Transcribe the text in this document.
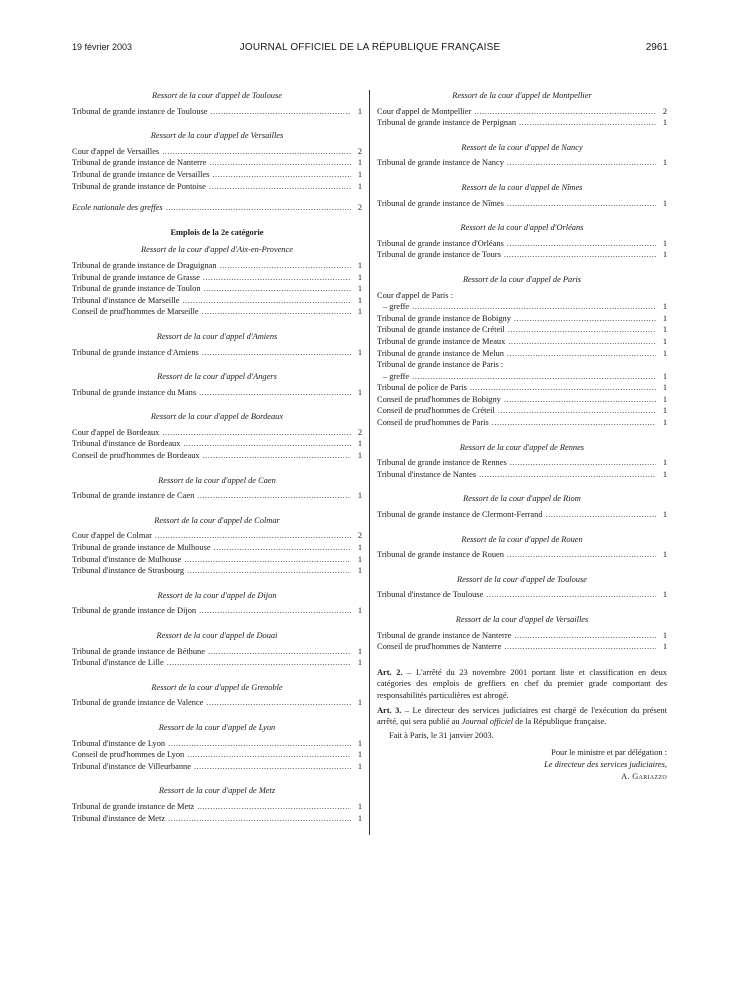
19 février 2003	JOURNAL OFFICIEL DE LA RÉPUBLIQUE FRANÇAISE	2961
Ressort de la cour d'appel de Toulouse
Tribunal de grande instance de Toulouse .....	1
Ressort de la cour d'appel de Versailles
Cour d'appel de Versailles .....	2
Tribunal de grande instance de Nanterre .....	1
Tribunal de grande instance de Versailles .....	1
Tribunal de grande instance de Pontoise .....	1
Ecole nationale des greffes .....	2
Emplois de la 2e catégorie
Ressort de la cour d'appel d'Aix-en-Provence
Tribunal de grande instance de Draguignan .....	1
Tribunal de grande instance de Grasse .....	1
Tribunal de grande instance de Toulon .....	1
Tribunal d'instance de Marseille .....	1
Conseil de prud'hommes de Marseille .....	1
Ressort de la cour d'appel d'Amiens
Tribunal de grande instance d'Amiens .....	1
Ressort de la cour d'appel d'Angers
Tribunal de grande instance du Mans .....	1
Ressort de la cour d'appel de Bordeaux
Cour d'appel de Bordeaux .....	2
Tribunal d'instance de Bordeaux .....	1
Conseil de prud'hommes de Bordeaux .....	1
Ressort de la cour d'appel de Caen
Tribunal de grande instance de Caen .....	1
Ressort de la cour d'appel de Colmar
Cour d'appel de Colmar .....	2
Tribunal de grande instance de Mulhouse .....	1
Tribunal d'instance de Mulhouse .....	1
Tribunal d'instance de Strasbourg .....	1
Ressort de la cour d'appel de Dijon
Tribunal de grande instance de Dijon .....	1
Ressort de la cour d'appel de Douai
Tribunal de grande instance de Béthune .....	1
Tribunal d'instance de Lille .....	1
Ressort de la cour d'appel de Grenoble
Tribunal de grande instance de Valence .....	1
Ressort de la cour d'appel de Lyon
Tribunal d'instance de Lyon .....	1
Conseil de prud'hommes de Lyon .....	1
Tribunal d'instance de Villeurbanne .....	1
Ressort de la cour d'appel de Metz
Tribunal de grande instance de Metz .....	1
Tribunal d'instance de Metz .....	1
Ressort de la cour d'appel de Montpellier
Cour d'appel de Montpellier .....	2
Tribunal de grande instance de Perpignan .....	1
Ressort de la cour d'appel de Nancy
Tribunal de grande instance de Nancy .....	1
Ressort de la cour d'appel de Nîmes
Tribunal de grande instance de Nîmes .....	1
Ressort de la cour d'appel d'Orléans
Tribunal de grande instance d'Orléans .....	1
Tribunal de grande instance de Tours .....	1
Ressort de la cour d'appel de Paris
Cour d'appel de Paris :
– greffe .....	1
Tribunal de grande instance de Bobigny .....	1
Tribunal de grande instance de Créteil .....	1
Tribunal de grande instance de Meaux .....	1
Tribunal de grande instance de Melun .....	1
Tribunal de grande instance de Paris :
– greffe .....	1
Tribunal de police de Paris .....	1
Conseil de prud'hommes de Bobigny .....	1
Conseil de prud'hommes de Créteil .....	1
Conseil de prud'hommes de Paris .....	1
Ressort de la cour d'appel de Rennes
Tribunal de grande instance de Rennes .....	1
Tribunal d'instance de Nantes .....	1
Ressort de la cour d'appel de Riom
Tribunal de grande instance de Clermont-Ferrand .....	1
Ressort de la cour d'appel de Rouen
Tribunal de grande instance de Rouen .....	1
Ressort de la cour d'appel de Toulouse
Tribunal d'instance de Toulouse .....	1
Ressort de la cour d'appel de Versailles
Tribunal de grande instance de Nanterre .....	1
Conseil de prud'hommes de Nanterre .....	1
Art. 2. – L'arrêté du 23 novembre 2001 portant liste et classification en deux catégories des emplois de greffiers en chef du premier grade comportant des responsabilités particulières est abrogé.
Art. 3. – Le directeur des services judiciaires est chargé de l'exécution du présent arrêté, qui sera publié au Journal officiel de la République française.
Fait à Paris, le 31 janvier 2003.
Pour le ministre et par délégation :
Le directeur des services judiciaires,
A. Gariazzo
